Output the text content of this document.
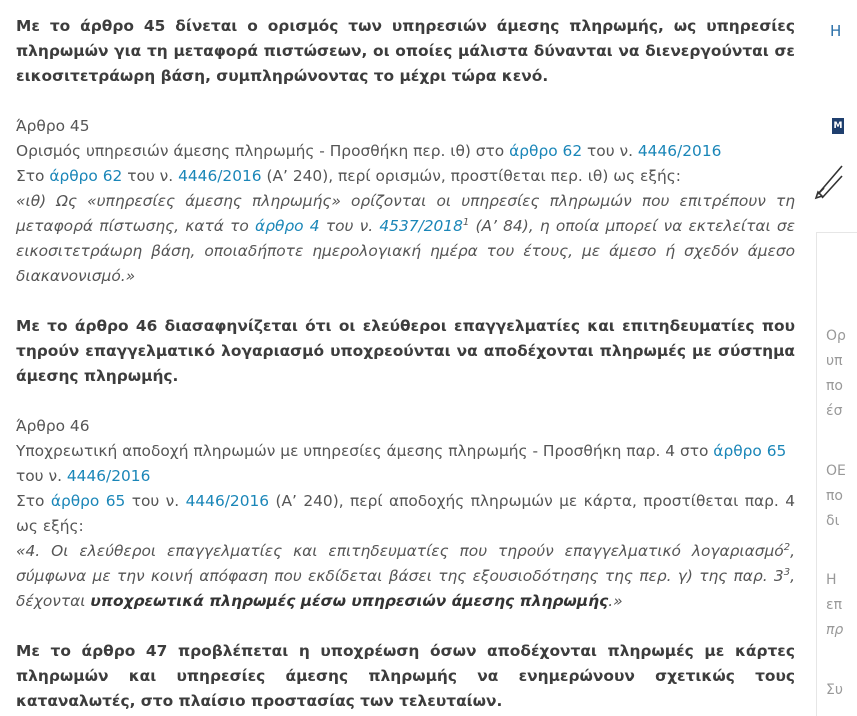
Με το άρθρο 45 δίνεται ο ορισμός των υπηρεσιών άμεσης πληρωμής, ως υπηρεσίες πληρωμών για τη μεταφορά πιστώσεων, οι οποίες μάλιστα δύνανται να διενεργούνται σε εικοσιτετράωρη βάση, συμπληρώνοντας το μέχρι τώρα κενό.

Άρθρο 45

Ορισμός υπηρεσιών άμεσης πληρωμής - Προσθήκη περ. ιθ) στο άρθρο 62 του ν. 4446/2016

Στο άρθρο 62 του ν. 4446/2016 (Α’ 240), περί ορισμών, προστίθεται περ. ιθ) ως εξής:

«ιθ) Ως «υπηρεσίες άμεσης πληρωμής» ορίζονται οι υπηρεσίες πληρωμών που επιτρέπουν τη μεταφορά πίστωσης, κατά το άρθρο 4 του ν. 4537/2018$^1$ (Α’ 84), η οποία μπορεί να εκτελείται σε εικοσιτετράωρη βάση, οποιαδήποτε ημερολογιακή ημέρα του έτους, με άμεσο ή σχεδόν άμεσο διακανονισμό.»

Με το άρθρο 46 διασαφηνίζεται ότι οι ελεύθεροι επαγγελματίες και επιτηδευματίες που τηρούν επαγγελματικό λογαριασμό υποχρεούνται να αποδέχονται πληρωμές με σύστημα άμεσης πληρωμής.

Άρθρο 46

Υποχρεωτική αποδοχή πληρωμών με υπηρεσίες άμεσης πληρωμής - Προσθήκη παρ. 4 στο άρθρο 65 του ν. 4446/2016

Στο άρθρο 65 του ν. 4446/2016 (Α’ 240), περί αποδοχής πληρωμών με κάρτα, προστίθεται παρ. 4 ως εξής:

«4. Οι ελεύθεροι επαγγελματίες και επιτηδευματίες που τηρούν επαγγελματικό λογαριασμό$^2$, σύμφωνα με την κοινή απόφαση που εκδίδεται βάσει της εξουσιοδότησης της περ. γ) της παρ. $3^3$, δέχονται υποχρεωτικά πληρωμές μέσω υπηρεσιών άμεσης πληρωμής.»

Με το άρθρο 47 προβλέπεται η υποχρέωση όσων αποδέχονται πληρωμές με κάρτες πληρωμών και υπηρεσίες άμεσης πληρωμής να ενημερώνουν σχετικώς τους καταναλωτές, στο πλαίσιο προστασίας των τελευταίων.

Η
M
Ορ
υπ
πο
έσ
ΟΕ
πο
δι
Η
επ
πρ
Συ
